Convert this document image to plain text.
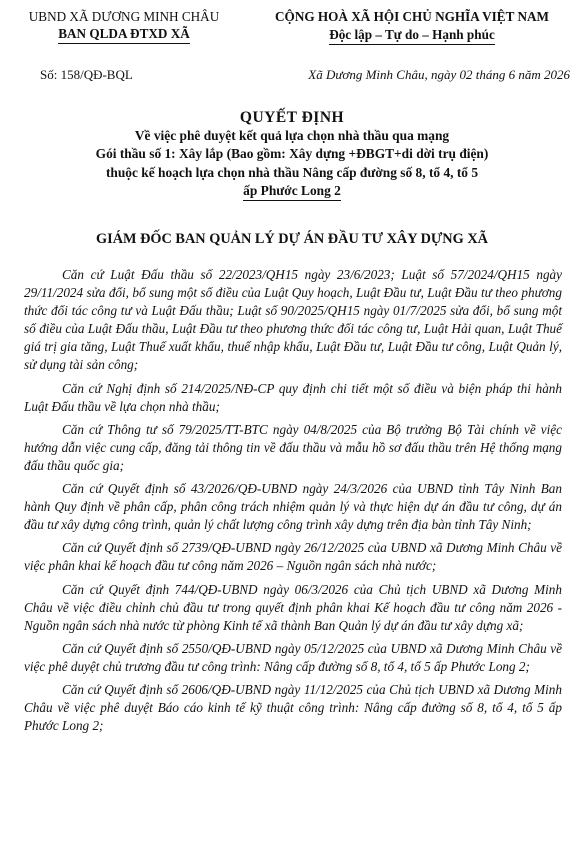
UBND XÃ DƯƠNG MINH CHÂU
BAN QLDA ĐTXD XÃ
CỘNG HOÀ XÃ HỘI CHỦ NGHĨA VIỆT NAM
Độc lập – Tự do – Hạnh phúc
Số: 158/QĐ-BQL	Xã Dương Minh Châu, ngày 02 tháng 6 năm 2026
QUYẾT ĐỊNH
Về việc phê duyệt kết quả lựa chọn nhà thầu qua mạng
Gói thầu số 1: Xây lắp (Bao gồm: Xây dựng +ĐBGT+di dời trụ điện)
thuộc kế hoạch lựa chọn nhà thầu Nâng cấp đường số 8, tổ 4, tổ 5
ấp Phước Long 2
GIÁM ĐỐC BAN QUẢN LÝ DỰ ÁN ĐẦU TƯ XÂY DỰNG XÃ

Căn cứ Luật Đấu thầu số 22/2023/QH15 ngày 23/6/2023; Luật số 57/2024/QH15 ngày 29/11/2024 sửa đổi, bổ sung một số điều của Luật Quy hoạch, Luật Đầu tư, Luật Đầu tư theo phương thức đối tác công tư và Luật Đấu thầu; Luật số 90/2025/QH15 ngày 01/7/2025 sửa đổi, bổ sung một số điều của Luật Đấu thầu, Luật Đầu tư theo phương thức đối tác công tư, Luật Hải quan, Luật Thuế giá trị gia tăng, Luật Thuế xuất khẩu, thuế nhập khẩu, Luật Đầu tư, Luật Đầu tư công, Luật Quản lý, sử dụng tài sản công;

Căn cứ Nghị định số 214/2025/NĐ-CP quy định chi tiết một số điều và biện pháp thi hành Luật Đấu thầu về lựa chọn nhà thầu;

Căn cứ Thông tư số 79/2025/TT-BTC ngày 04/8/2025 của Bộ trưởng Bộ Tài chính về việc hướng dẫn việc cung cấp, đăng tải thông tin về đấu thầu và mẫu hồ sơ đấu thầu trên Hệ thống mạng đấu thầu quốc gia;

Căn cứ Quyết định số 43/2026/QĐ-UBND ngày 24/3/2026 của UBND tỉnh Tây Ninh Ban hành Quy định về phân cấp, phân công trách nhiệm quản lý và thực hiện dự án đầu tư công, dự án đầu tư xây dựng công trình, quản lý chất lượng công trình xây dựng trên địa bàn tỉnh Tây Ninh;

Căn cứ Quyết định số 2739/QĐ-UBND ngày 26/12/2025 của UBND xã Dương Minh Châu về việc phân khai kế hoạch đầu tư công năm 2026 – Nguồn ngân sách nhà nước;

Căn cứ Quyết định 744/QĐ-UBND ngày 06/3/2026 của Chủ tịch UBND xã Dương Minh Châu về việc điều chỉnh chủ đầu tư trong quyết định phân khai Kế hoạch đầu tư công năm 2026 - Nguồn ngân sách nhà nước từ phòng Kinh tế xã thành Ban Quản lý dự án đầu tư xây dựng xã;

Căn cứ Quyết định số 2550/QĐ-UBND ngày 05/12/2025 của UBND xã Dương Minh Châu về việc phê duyệt chủ trương đầu tư công trình: Nâng cấp đường số 8, tổ 4, tổ 5 ấp Phước Long 2;

Căn cứ Quyết định số 2606/QĐ-UBND ngày 11/12/2025 của Chủ tịch UBND xã Dương Minh Châu về việc phê duyệt Báo cáo kinh tế kỹ thuật công trình: Nâng cấp đường số 8, tổ 4, tổ 5 ấp Phước Long 2;
